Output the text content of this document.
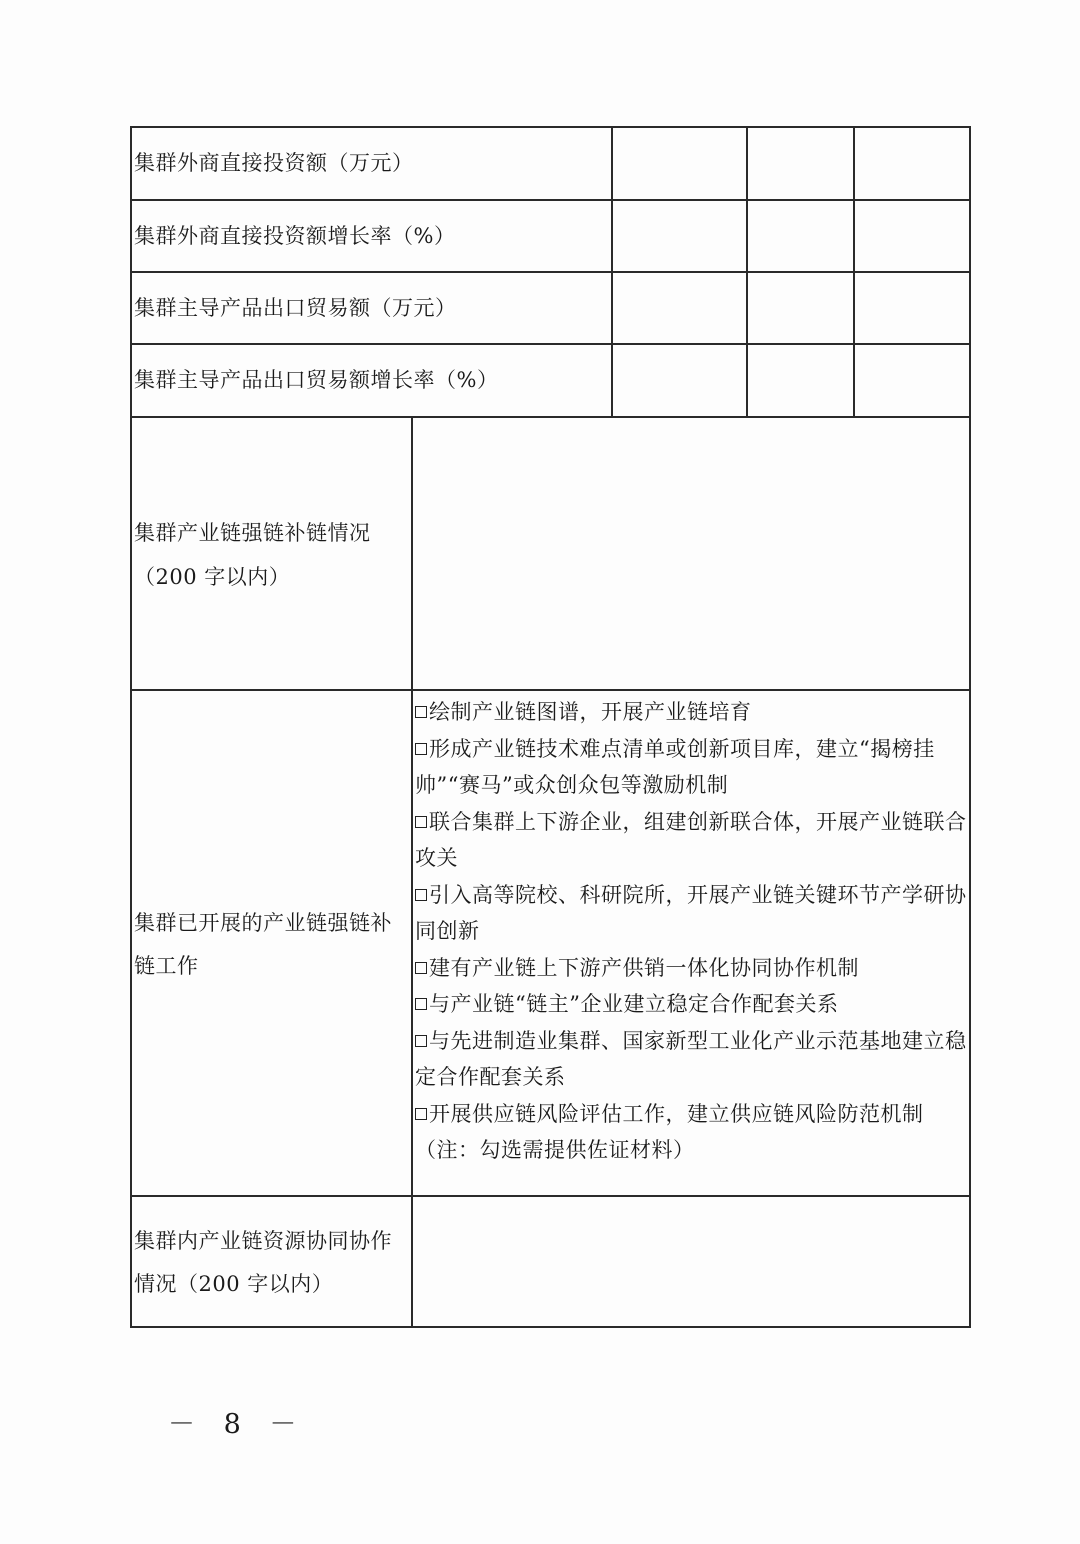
集群外商直接投资额（万元）
集群外商直接投资额增长率（%）
集群主导产品出口贸易额（万元）
集群主导产品出口贸易额增长率（%）
集群产业链强链补链情况
（200 字以内）
集群已开展的产业链强链补
链工作
绘制产业链图谱，开展产业链培育
形成产业链技术难点清单或创新项目库，建立“揭榜挂
帅”“赛马”或众创众包等激励机制
联合集群上下游企业，组建创新联合体，开展产业链联合
攻关
引入高等院校、科研院所，开展产业链关键环节产学研协
同创新
建有产业链上下游产供销一体化协同协作机制
与产业链“链主”企业建立稳定合作配套关系
与先进制造业集群、国家新型工业化产业示范基地建立稳
定合作配套关系
开展供应链风险评估工作，建立供应链风险防范机制
（注：勾选需提供佐证材料）
集群内产业链资源协同协作
情况（200 字以内）
－ 8 －
